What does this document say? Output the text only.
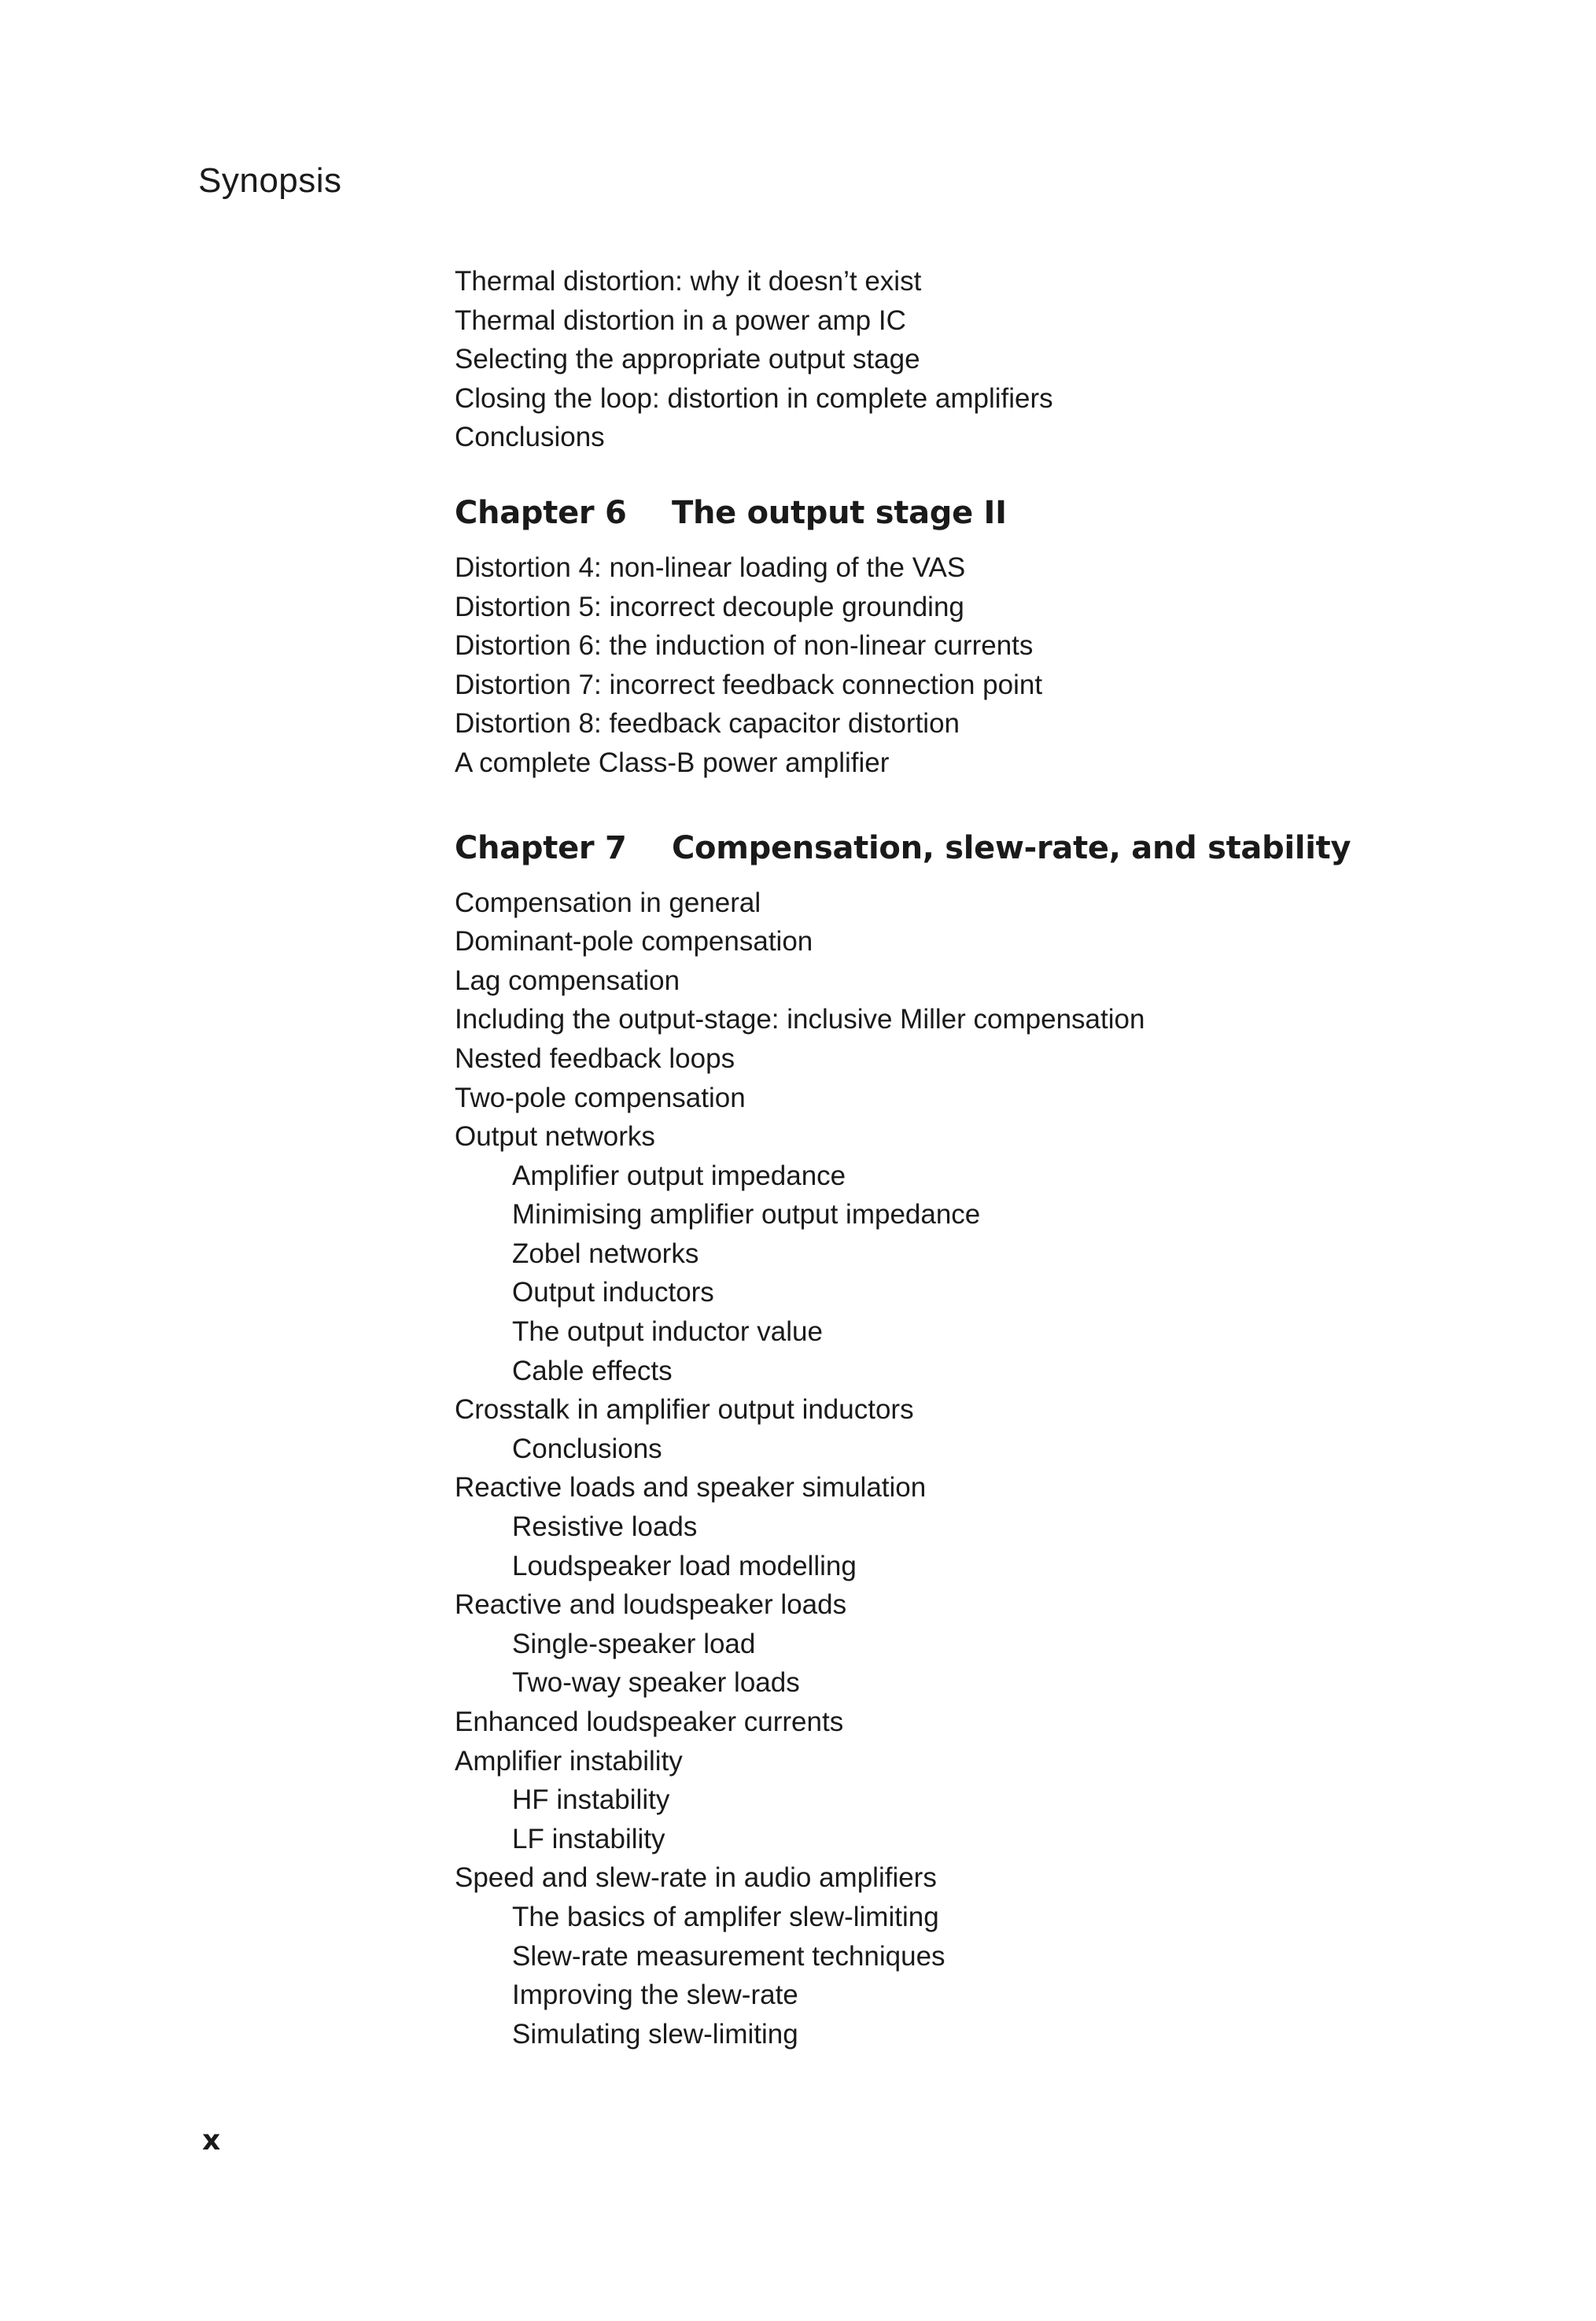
Synopsis
Thermal distortion: why it doesn’t exist
Thermal distortion in a power amp IC
Selecting the appropriate output stage
Closing the loop: distortion in complete amplifiers
Conclusions
Chapter 6 The output stage II
Distortion 4: non-linear loading of the VAS
Distortion 5: incorrect decouple grounding
Distortion 6: the induction of non-linear currents
Distortion 7: incorrect feedback connection point
Distortion 8: feedback capacitor distortion
A complete Class-B power amplifier
Chapter 7 Compensation, slew-rate, and stability
Compensation in general
Dominant-pole compensation
Lag compensation
Including the output-stage: inclusive Miller compensation
Nested feedback loops
Two-pole compensation
Output networks
Amplifier output impedance
Minimising amplifier output impedance
Zobel networks
Output inductors
The output inductor value
Cable effects
Crosstalk in amplifier output inductors
Conclusions
Reactive loads and speaker simulation
Resistive loads
Loudspeaker load modelling
Reactive and loudspeaker loads
Single-speaker load
Two-way speaker loads
Enhanced loudspeaker currents
Amplifier instability
HF instability
LF instability
Speed and slew-rate in audio amplifiers
The basics of amplifer slew-limiting
Slew-rate measurement techniques
Improving the slew-rate
Simulating slew-limiting
x
